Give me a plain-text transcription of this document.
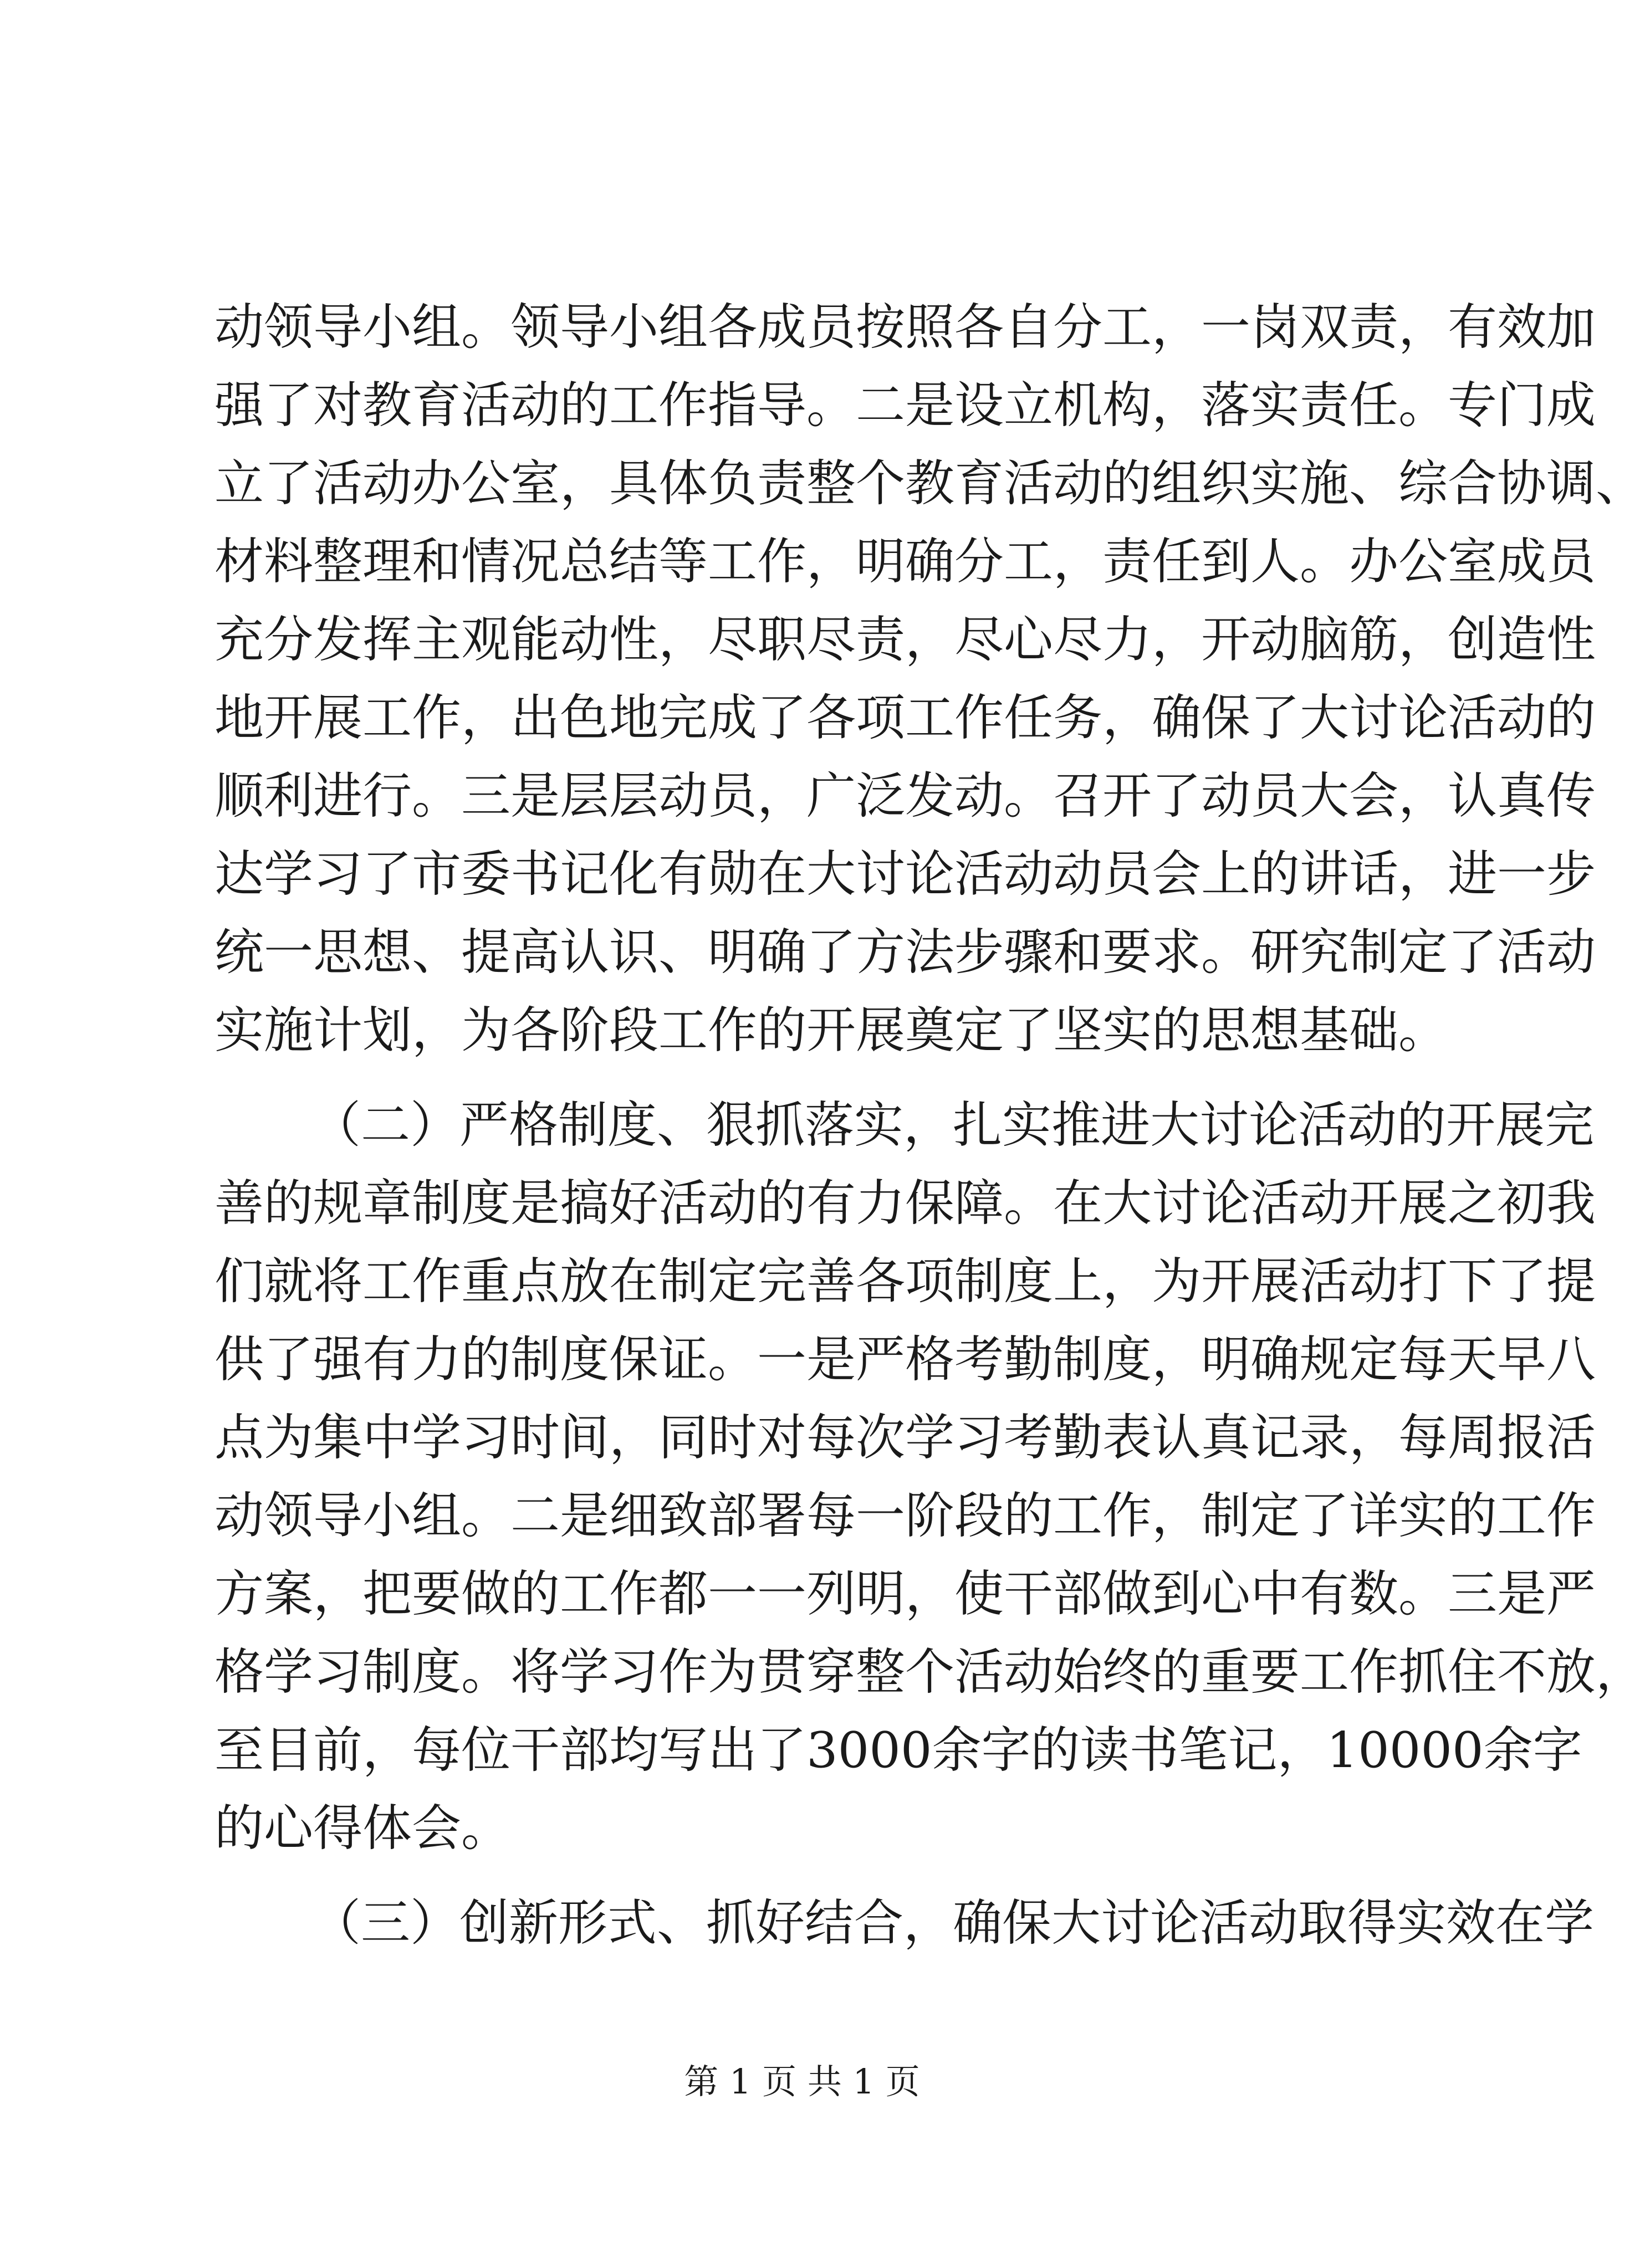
动 领 导 小 组 。 领 导 小 组 各 成 员 按 照 各 自 分 工 ， 一 岗 双 责 ， 有 效 加
强 了 对 教 育 活 动 的 工 作 指 导 。 二 是 设 立 机 构 ， 落 实 责 任 。 专 门 成
立 了 活 动 办 公 室 ， 具 体 负 责 整 个 教 育 活 动 的 组 织 实 施 、 综 合 协 调 、
材 料 整 理 和 情 况 总 结 等 工 作 ， 明 确 分 工 ， 责 任 到 人 。 办 公 室 成 员
充 分 发 挥 主 观 能 动 性 ， 尽 职 尽 责 ， 尽 心 尽 力 ， 开 动 脑 筋 ， 创 造 性
地 开 展 工 作 ， 出 色 地 完 成 了 各 项 工 作 任 务 ， 确 保 了 大 讨 论 活 动 的
顺 利 进 行 。 三 是 层 层 动 员 ， 广 泛 发 动 。 召 开 了 动 员 大 会 ， 认 真 传
达 学 习 了 市 委 书 记 化 有 勋 在 大 讨 论 活 动 动 员 会 上 的 讲 话 ， 进 一 步
统 一 思 想 、 提 高 认 识 、 明 确 了 方 法 步 骤 和 要 求 。 研 究 制 定 了 活 动
实施计划，为各阶段工作的开展奠定了坚实的思想基础。
（ 二 ） 严 格 制 度 、 狠 抓 落 实 ， 扎 实 推 进 大 讨 论 活 动 的 开 展 完
善 的 规 章 制 度 是 搞 好 活 动 的 有 力 保 障 。 在 大 讨 论 活 动 开 展 之 初 我
们 就 将 工 作 重 点 放 在 制 定 完 善 各 项 制 度 上 ， 为 开 展 活 动 打 下 了 提
供 了 强 有 力 的 制 度 保 证 。 一 是 严 格 考 勤 制 度 ， 明 确 规 定 每 天 早 八
点 为 集 中 学 习 时 间 ， 同 时 对 每 次 学 习 考 勤 表 认 真 记 录 ， 每 周 报 活
动 领 导 小 组 。 二 是 细 致 部 署 每 一 阶 段 的 工 作 ， 制 定 了 详 实 的 工 作
方 案 ， 把 要 做 的 工 作 都 一 一 列 明 ， 使 干 部 做 到 心 中 有 数 。 三 是 严
格 学 习 制 度 。 将 学 习 作 为 贯 穿 整 个 活 动 始 终 的 重 要 工 作 抓 住 不 放 ，
至 目 前 ， 每 位 干 部 均 写 出 了 3 0 0 0 余 字 的 读 书 笔 记 ， 1 0 0 0 0 余 字
的心得体会。
（ 三 ） 创 新 形 式 、 抓 好 结 合 ， 确 保 大 讨 论 活 动 取 得 实 效 在 学
第 1 页 共 1 页
